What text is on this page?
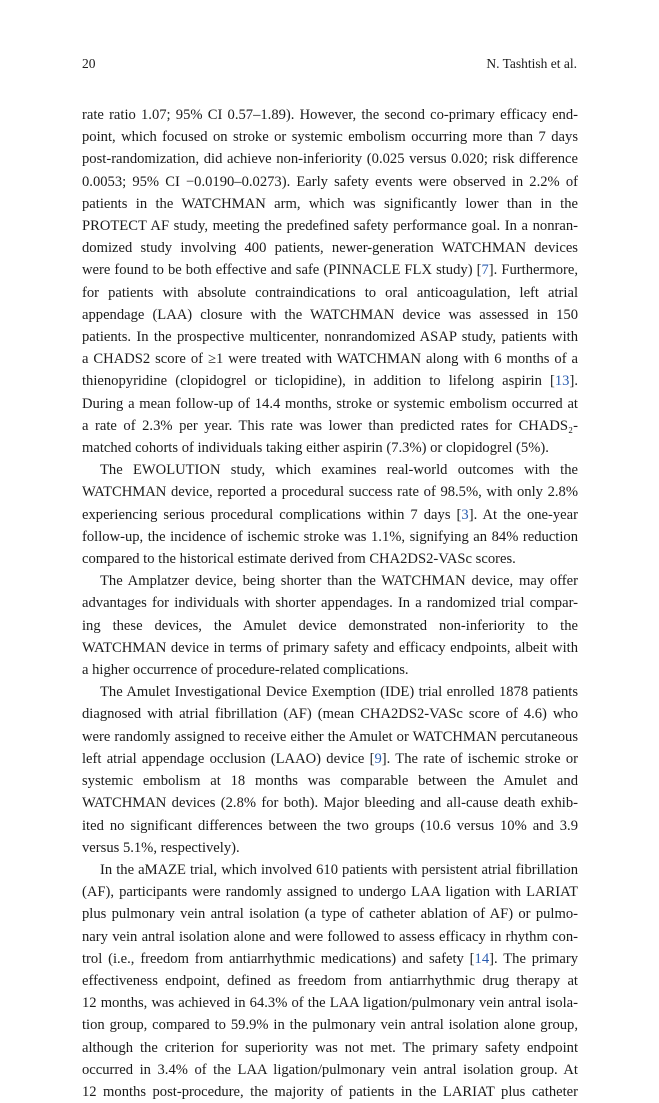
20	N. Tashtish et al.
rate ratio 1.07; 95% CI 0.57–1.89). However, the second co-primary efficacy end-
point, which focused on stroke or systemic embolism occurring more than 7 days
post-randomization, did achieve non-inferiority (0.025 versus 0.020; risk difference
0.0053; 95% CI −0.0190–0.0273). Early safety events were observed in 2.2% of
patients in the WATCHMAN arm, which was significantly lower than in the
PROTECT AF study, meeting the predefined safety performance goal. In a nonran-
domized study involving 400 patients, newer-generation WATCHMAN devices
were found to be both effective and safe (PINNACLE FLX study) [7]. Furthermore,
for patients with absolute contraindications to oral anticoagulation, left atrial
appendage (LAA) closure with the WATCHMAN device was assessed in 150
patients. In the prospective multicenter, nonrandomized ASAP study, patients with
a CHADS2 score of ≥1 were treated with WATCHMAN along with 6 months of a
thienopyridine (clopidogrel or ticlopidine), in addition to lifelong aspirin [13].
During a mean follow-up of 14.4 months, stroke or systemic embolism occurred at
a rate of 2.3% per year. This rate was lower than predicted rates for CHADS₂-
matched cohorts of individuals taking either aspirin (7.3%) or clopidogrel (5%).
The EWOLUTION study, which examines real-world outcomes with the
WATCHMAN device, reported a procedural success rate of 98.5%, with only 2.8%
experiencing serious procedural complications within 7 days [3]. At the one-year
follow-up, the incidence of ischemic stroke was 1.1%, signifying an 84% reduction
compared to the historical estimate derived from CHA2DS2-VASc scores.
The Amplatzer device, being shorter than the WATCHMAN device, may offer
advantages for individuals with shorter appendages. In a randomized trial compar-
ing these devices, the Amulet device demonstrated non-inferiority to the
WATCHMAN device in terms of primary safety and efficacy endpoints, albeit with
a higher occurrence of procedure-related complications.
The Amulet Investigational Device Exemption (IDE) trial enrolled 1878 patients
diagnosed with atrial fibrillation (AF) (mean CHA2DS2-VASc score of 4.6) who
were randomly assigned to receive either the Amulet or WATCHMAN percutaneous
left atrial appendage occlusion (LAAO) device [9]. The rate of ischemic stroke or
systemic embolism at 18 months was comparable between the Amulet and
WATCHMAN devices (2.8% for both). Major bleeding and all-cause death exhib-
ited no significant differences between the two groups (10.6 versus 10% and 3.9
versus 5.1%, respectively).
In the aMAZE trial, which involved 610 patients with persistent atrial fibrillation
(AF), participants were randomly assigned to undergo LAA ligation with LARIAT
plus pulmonary vein antral isolation (a type of catheter ablation of AF) or pulmo-
nary vein antral isolation alone and were followed to assess efficacy in rhythm con-
trol (i.e., freedom from antiarrhythmic medications) and safety [14]. The primary
effectiveness endpoint, defined as freedom from antiarrhythmic drug therapy at
12 months, was achieved in 64.3% of the LAA ligation/pulmonary vein antral isola-
tion group, compared to 59.9% in the pulmonary vein antral isolation alone group,
although the criterion for superiority was not met. The primary safety endpoint
occurred in 3.4% of the LAA ligation/pulmonary vein antral isolation group. At
12 months post-procedure, the majority of patients in the LARIAT plus catheter
